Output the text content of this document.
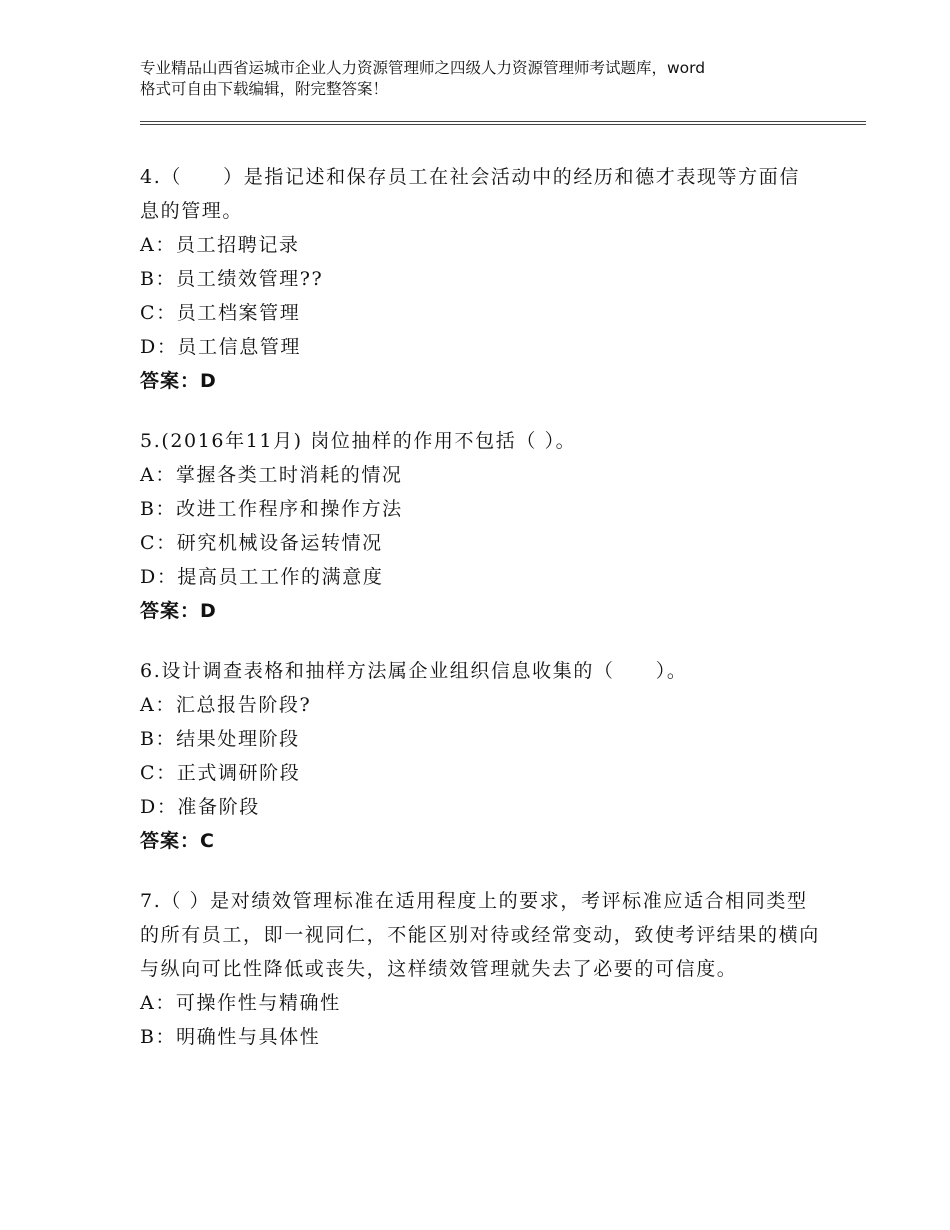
专业精品山西省运城市企业人力资源管理师之四级人力资源管理师考试题库，word
格式可自由下载编辑，附完整答案！

4.（　　）是指记述和保存员工在社会活动中的经历和德才表现等方面信息的管理。

A：员工招聘记录

B：员工绩效管理??

C：员工档案管理

D：员工信息管理

答案：D

5.(2016年11月) 岗位抽样的作用不包括（ ）。

A：掌握各类工时消耗的情况

B：改进工作程序和操作方法

C：研究机械设备运转情况

D：提高员工工作的满意度

答案：D

6.设计调查表格和抽样方法属企业组织信息收集的（　　）。

A：汇总报告阶段?

B：结果处理阶段

C：正式调研阶段

D：准备阶段

答案：C

7.（ ）是对绩效管理标准在适用程度上的要求，考评标准应适合相同类型的所有员工，即一视同仁，不能区别对待或经常变动，致使考评结果的横向与纵向可比性降低或丧失，这样绩效管理就失去了必要的可信度。

A：可操作性与精确性

B：明确性与具体性
